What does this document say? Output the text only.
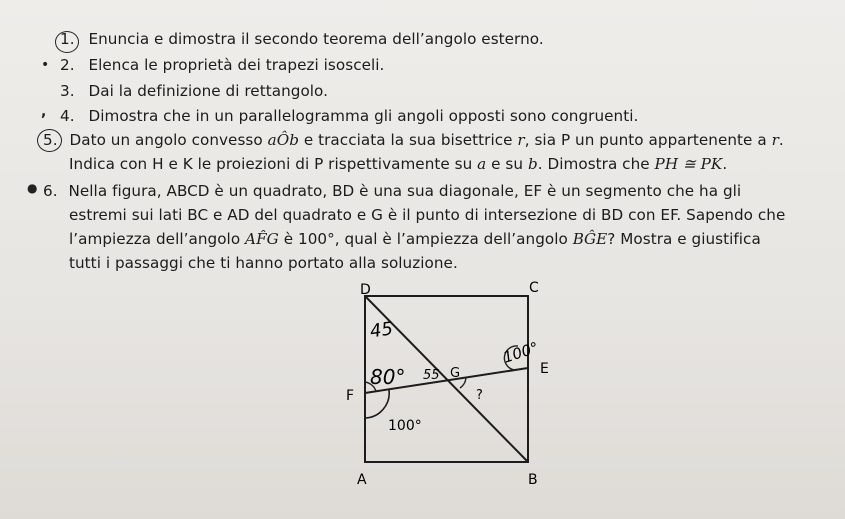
1. Enuncia e dimostra il secondo teorema dell’angolo esterno.
• 2. Elenca le proprietà dei trapezi isosceli.
3. Dai la definizione di rettangolo.
, 4. Dimostra che in un parallelogramma gli angoli opposti sono congruenti.
5. Dato un angolo convesso aÔb e tracciata la sua bisettrice r, sia P un punto appartenente a r.
Indica con H e K le proiezioni di P rispettivamente su a e su b. Dimostra che PH ≅ PK.
● 6. Nella figura, ABCD è un quadrato, BD è una sua diagonale, EF è un segmento che ha gli
estremi sui lati BC e AD del quadrato e G è il punto di intersezione di BD con EF. Sapendo che
l’ampiezza dell’angolo AF̂G è 100°, qual è l’ampiezza dell’angolo BĜE? Mostra e giustifica
tutti i passaggi che ti hanno portato alla soluzione.
D	C
A	B
E
F
G
100°
?
45
80° 55
100°
